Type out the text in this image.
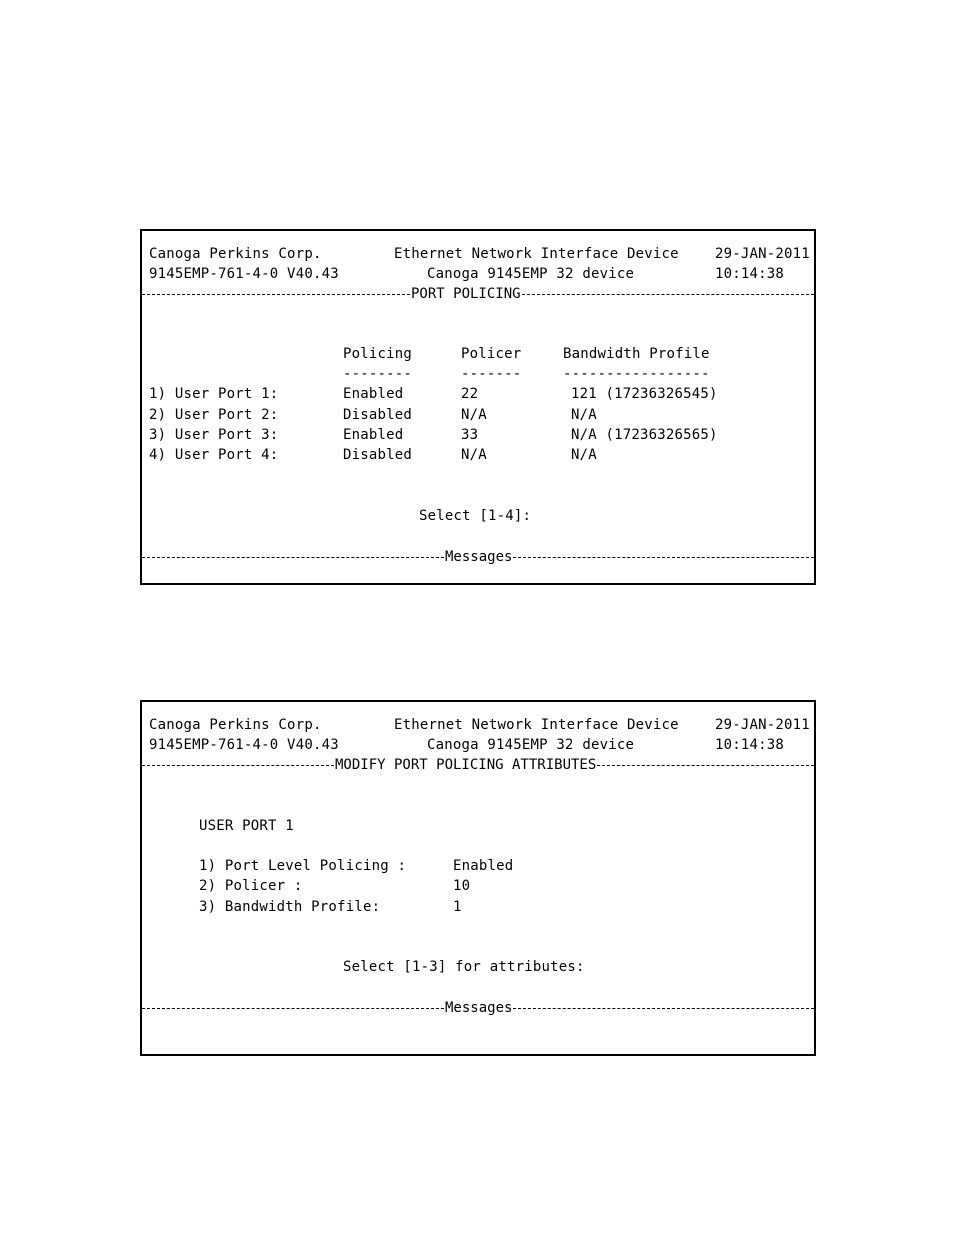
Canoga Perkins Corp.	Ethernet Network Interface Device	29-JAN-2011
9145EMP-761-4-0 V40.43	Canoga 9145EMP 32 device	10:14:38
PORT POLICING
Policing	Policer	Bandwidth Profile
--------	-------	-----------------
1) User Port 1:	Enabled	22	121 (17236326545)
2) User Port 2:	Disabled	N/A	N/A
3) User Port 3:	Enabled	33	N/A (17236326565)
4) User Port 4:	Disabled	N/A	N/A
Select [1-4]:
Messages
Canoga Perkins Corp.	Ethernet Network Interface Device	29-JAN-2011
9145EMP-761-4-0 V40.43	Canoga 9145EMP 32 device	10:14:38
MODIFY PORT POLICING ATTRIBUTES
USER PORT 1
1) Port Level Policing :	Enabled
2) Policer :	10
3) Bandwidth Profile:	1
Select [1-3] for attributes:
Messages
